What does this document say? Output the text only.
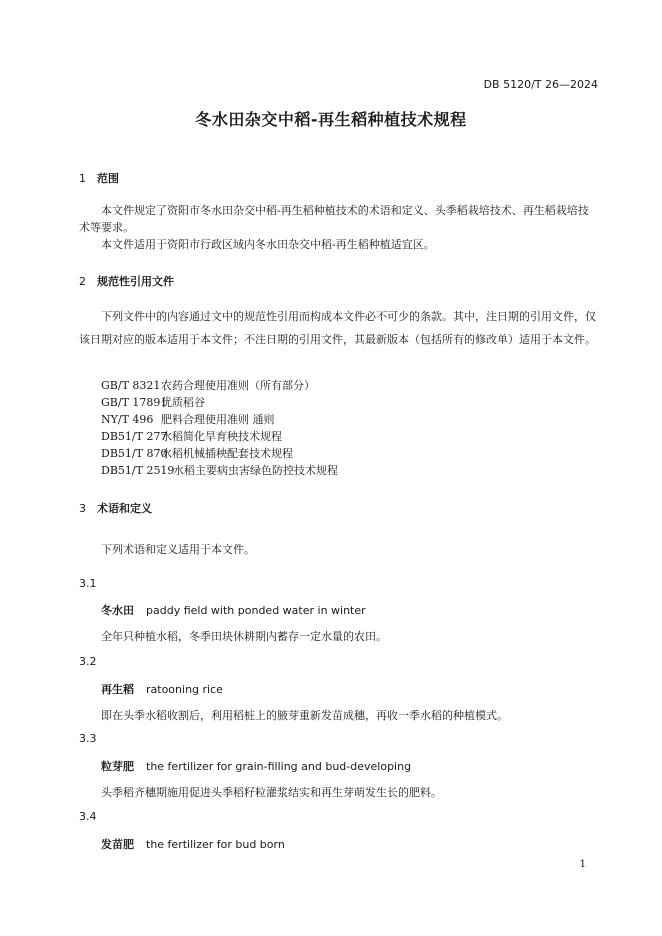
DB 5120/T 26—2024
冬水田杂交中稻-再生稻种植技术规程
1 范围
本文件规定了资阳市冬水田杂交中稻-再生稻种植技术的术语和定义、头季稻栽培技术、再生稻栽培技术等要求。
本文件适用于资阳市行政区域内冬水田杂交中稻-再生稻种植适宜区。
2 规范性引用文件
下列文件中的内容通过文中的规范性引用而构成本文件必不可少的条款。其中，注日期的引用文件，仅该日期对应的版本适用于本文件；不注日期的引用文件，其最新版本（包括所有的修改单）适用于本文件。
GB/T 8321农药合理使用准则（所有部分）
GB/T 17891优质稻谷
NY/T 496 肥料合理使用准则 通则
DB51/T 277水稻简化旱育秧技术规程
DB51/T 870水稻机械插秧配套技术规程
DB51/T 2519水稻主要病虫害绿色防控技术规程
3 术语和定义
下列术语和定义适用于本文件。
3.1
冬水田 paddy field with ponded water in winter
全年只种植水稻，冬季田块休耕期内蓄存一定水量的农田。
3.2
再生稻 ratooning rice
即在头季水稻收割后，利用稻桩上的腋芽重新发苗成穗，再收一季水稻的种植模式。
3.3
粒芽肥 the fertilizer for grain-filling and bud-developing
头季稻齐穗期施用促进头季稻籽粒灌浆结实和再生芽萌发生长的肥料。
3.4
发苗肥 the fertilizer for bud born
1
